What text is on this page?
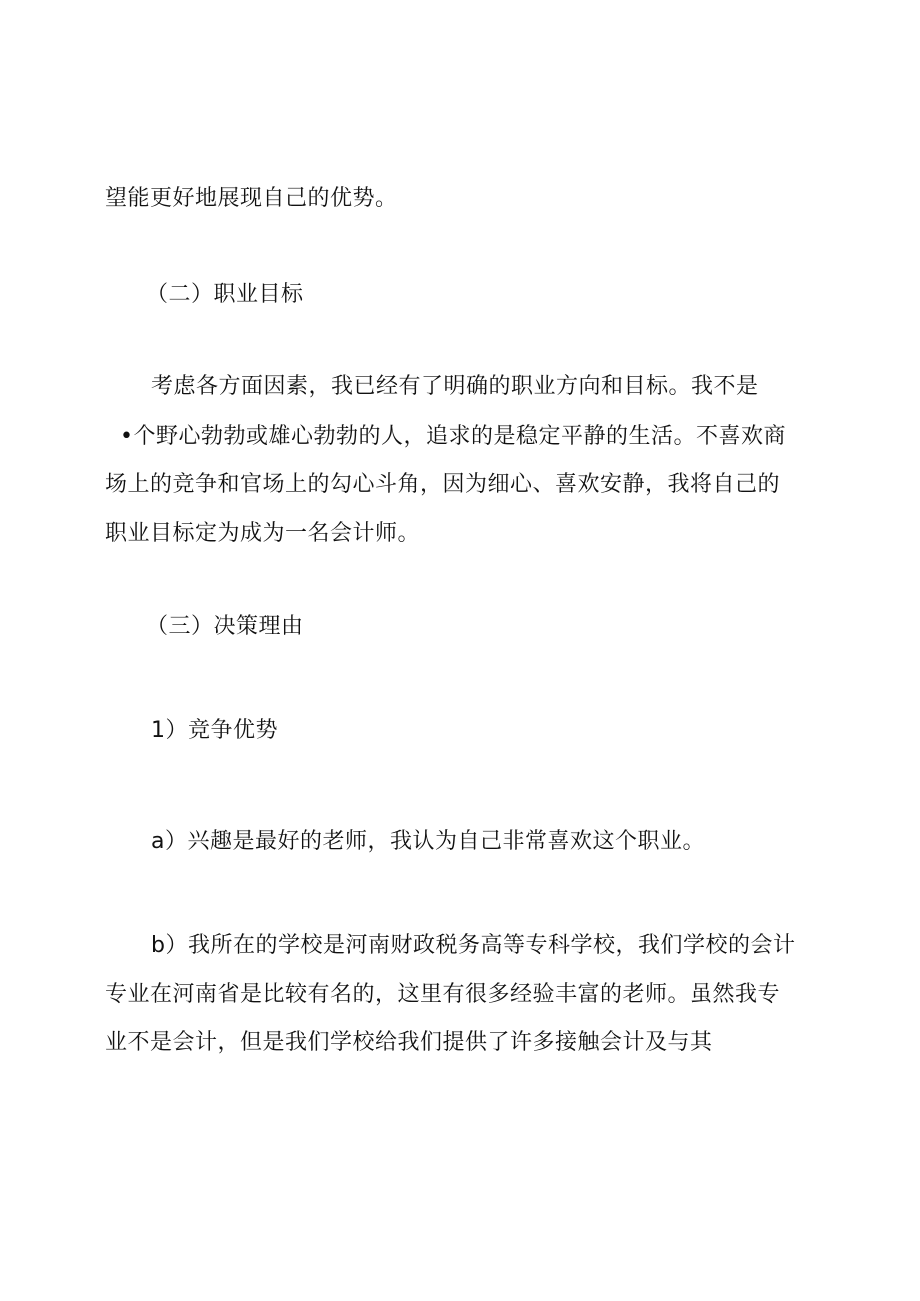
望能更好地展现自己的优势。
（二）职业目标
考虑各方面因素，我已经有了明确的职业方向和目标。我不是
•个野心勃勃或雄心勃勃的人，追求的是稳定平静的生活。不喜欢商
场上的竞争和官场上的勾心斗角，因为细心、喜欢安静，我将自己的
职业目标定为成为一名会计师。
（三）决策理由
1）竞争优势
a）兴趣是最好的老师，我认为自己非常喜欢这个职业。
b）我所在的学校是河南财政税务高等专科学校，我们学校的会计
专业在河南省是比较有名的，这里有很多经验丰富的老师。虽然我专
业不是会计，但是我们学校给我们提供了许多接触会计及与其
